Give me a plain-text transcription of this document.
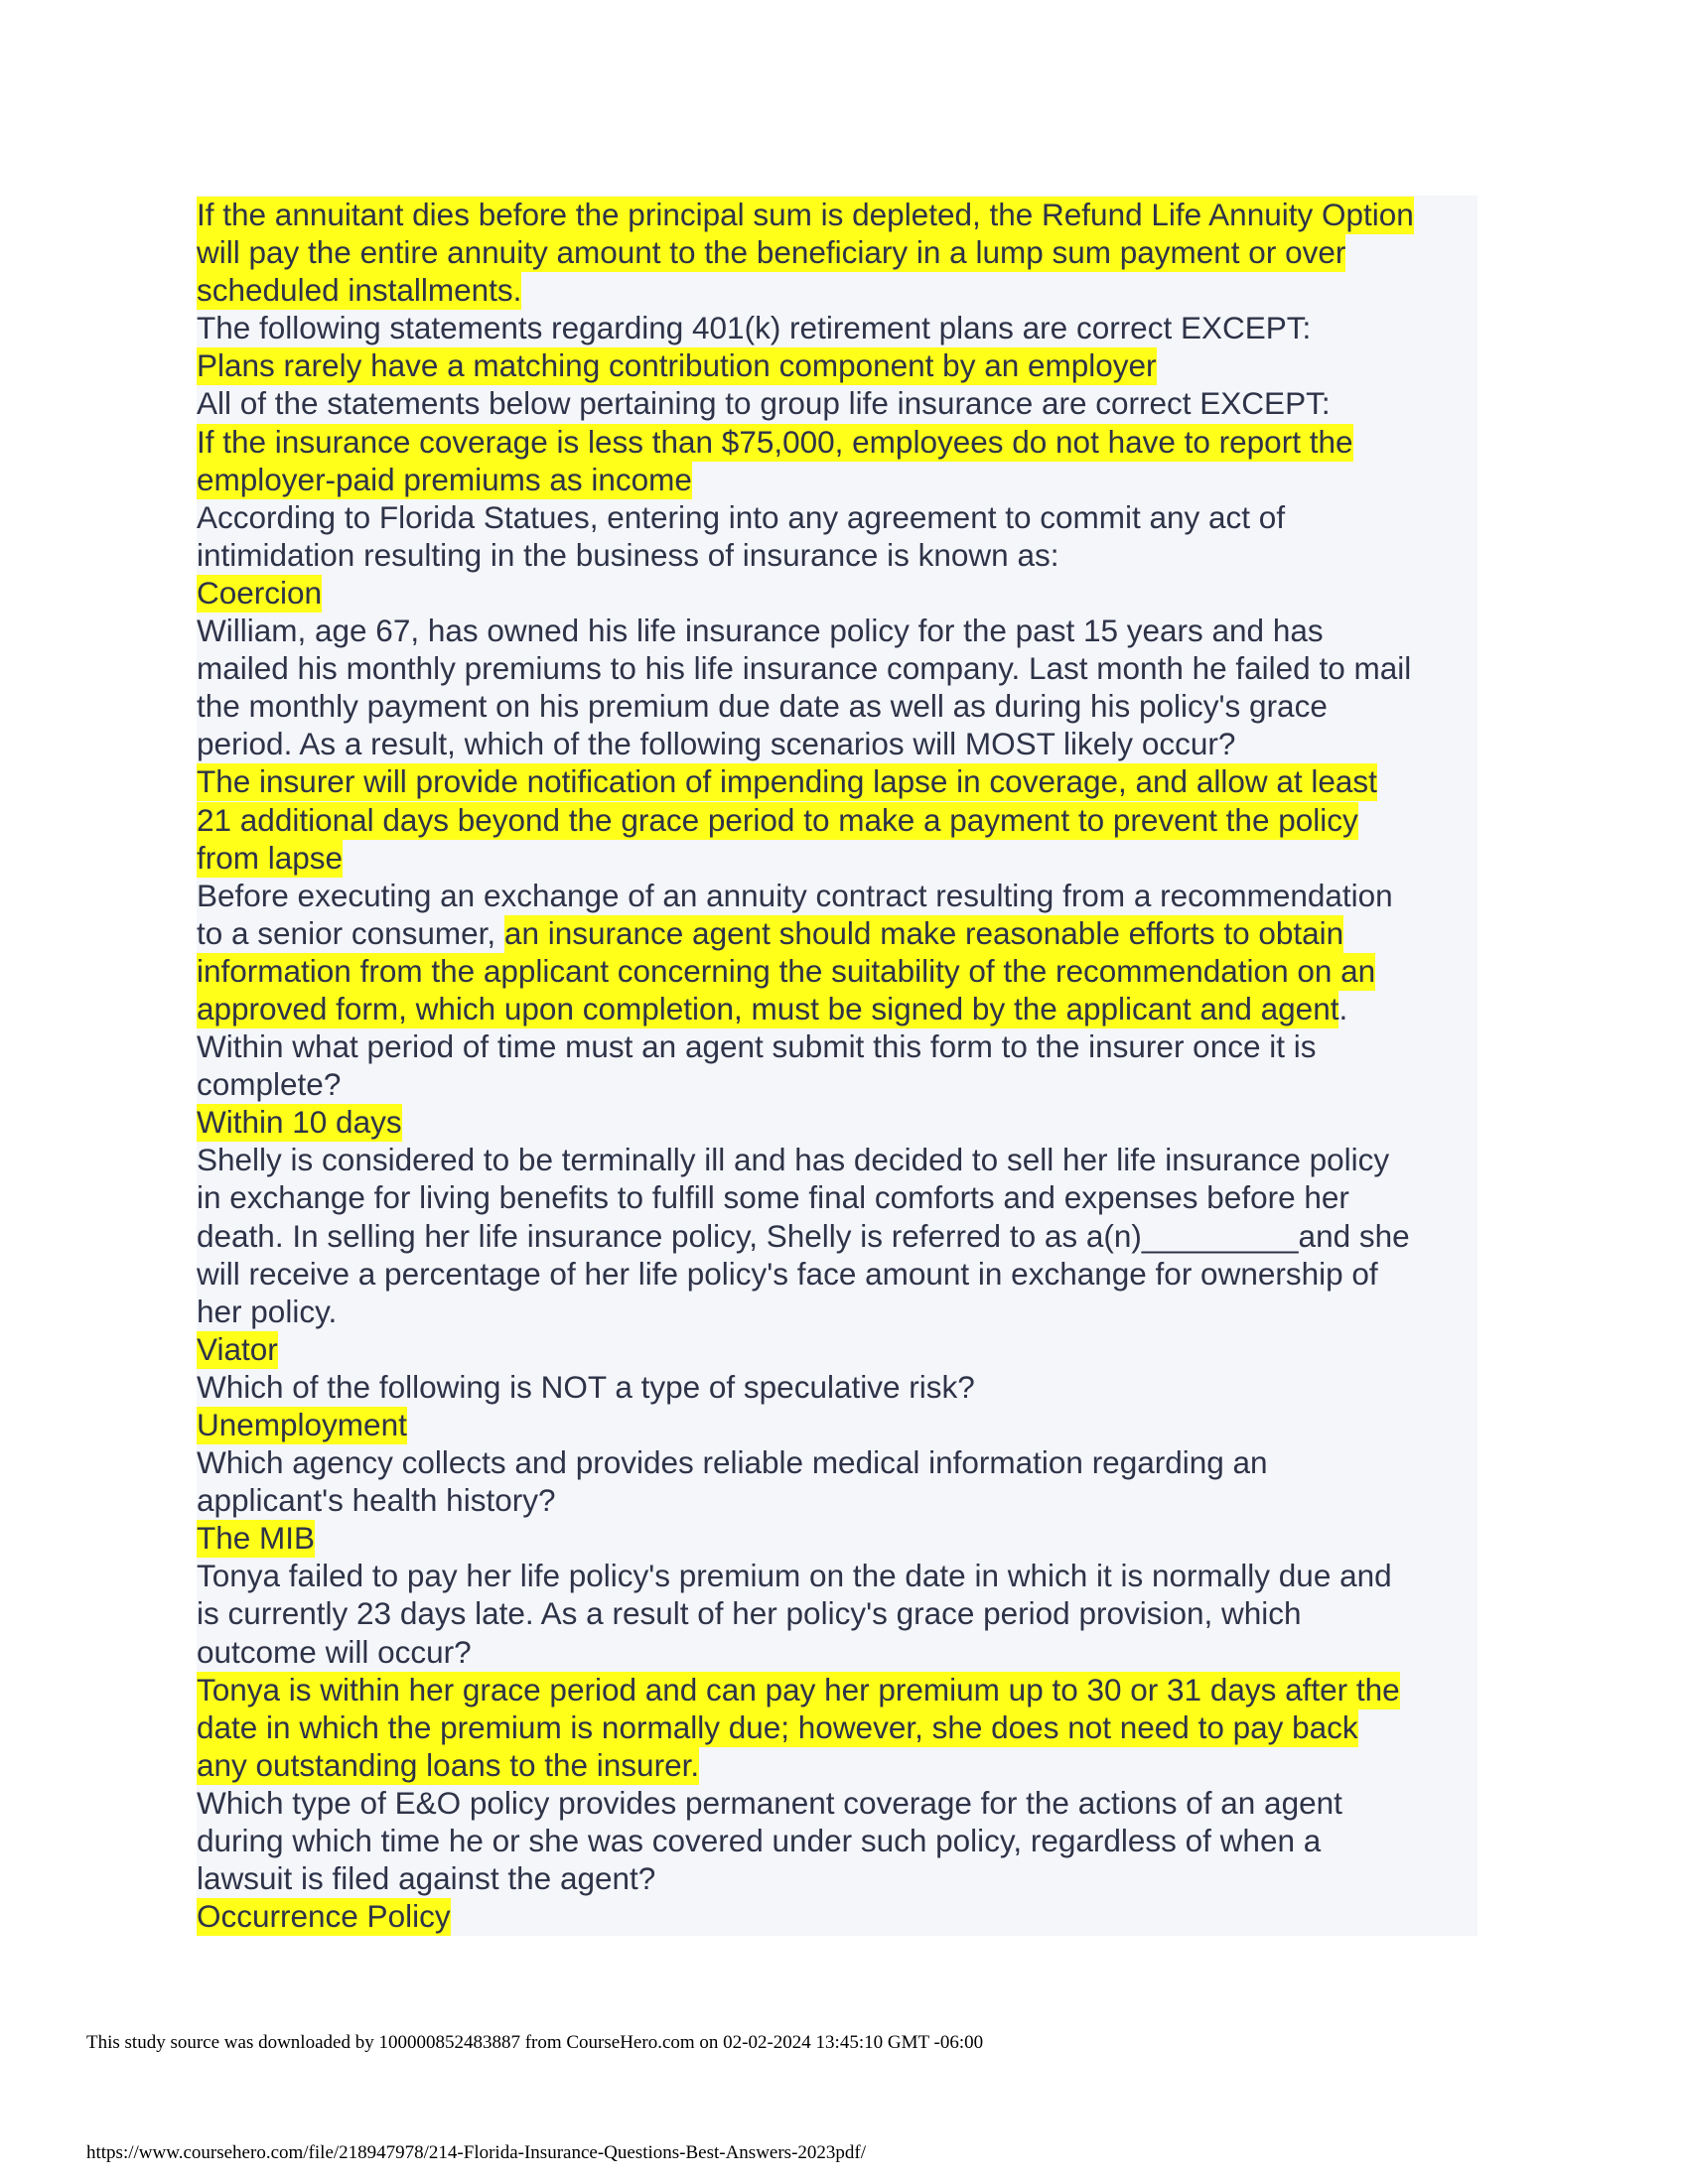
If the annuitant dies before the principal sum is depleted, the Refund Life Annuity Option
will pay the entire annuity amount to the beneficiary in a lump sum payment or over
scheduled installments.
The following statements regarding 401(k) retirement plans are correct EXCEPT:
Plans rarely have a matching contribution component by an employer
All of the statements below pertaining to group life insurance are correct EXCEPT:
If the insurance coverage is less than $75,000, employees do not have to report the
employer-paid premiums as income
According to Florida Statues, entering into any agreement to commit any act of
intimidation resulting in the business of insurance is known as:
Coercion
William, age 67, has owned his life insurance policy for the past 15 years and has
mailed his monthly premiums to his life insurance company. Last month he failed to mail
the monthly payment on his premium due date as well as during his policy's grace
period. As a result, which of the following scenarios will MOST likely occur?
The insurer will provide notification of impending lapse in coverage, and allow at least
21 additional days beyond the grace period to make a payment to prevent the policy
from lapse
Before executing an exchange of an annuity contract resulting from a recommendation
to a senior consumer, an insurance agent should make reasonable efforts to obtain
information from the applicant concerning the suitability of the recommendation on an
approved form, which upon completion, must be signed by the applicant and agent.
Within what period of time must an agent submit this form to the insurer once it is
complete?
Within 10 days
Shelly is considered to be terminally ill and has decided to sell her life insurance policy
in exchange for living benefits to fulfill some final comforts and expenses before her
death. In selling her life insurance policy, Shelly is referred to as a(n)_________and she
will receive a percentage of her life policy's face amount in exchange for ownership of
her policy.
Viator
Which of the following is NOT a type of speculative risk?
Unemployment
Which agency collects and provides reliable medical information regarding an
applicant's health history?
The MIB
Tonya failed to pay her life policy's premium on the date in which it is normally due and
is currently 23 days late. As a result of her policy's grace period provision, which
outcome will occur?
Tonya is within her grace period and can pay her premium up to 30 or 31 days after the
date in which the premium is normally due; however, she does not need to pay back
any outstanding loans to the insurer.
Which type of E&O policy provides permanent coverage for the actions of an agent
during which time he or she was covered under such policy, regardless of when a
lawsuit is filed against the agent?
Occurrence Policy
This study source was downloaded by 100000852483887 from CourseHero.com on 02-02-2024 13:45:10 GMT -06:00
https://www.coursehero.com/file/218947978/214-Florida-Insurance-Questions-Best-Answers-2023pdf/
